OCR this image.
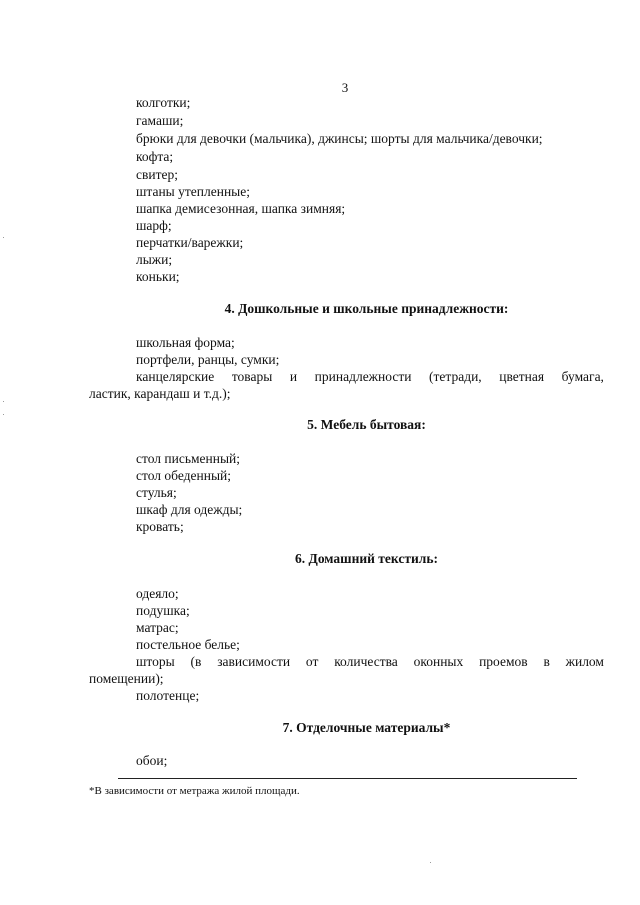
3
колготки;
гамаши;
брюки для девочки (мальчика), джинсы; шорты для мальчика/девочки;
кофта;
свитер;
штаны утепленные;
шапка демисезонная, шапка зимняя;
шарф;
перчатки/варежки;
лыжи;
коньки;
4. Дошкольные и школьные принадлежности:
школьная форма;
портфели, ранцы, сумки;
канцелярские товары и принадлежности (тетради, цветная бумага,
ластик, карандаш и т.д.);
5. Мебель бытовая:
стол письменный;
стол обеденный;
стулья;
шкаф для одежды;
кровать;
6. Домашний текстиль:
одеяло;
подушка;
матрас;
постельное белье;
шторы (в зависимости от количества оконных проемов в жилом
помещении);
полотенце;
7. Отделочные материалы*
обои;
*В зависимости от метража жилой площади.
